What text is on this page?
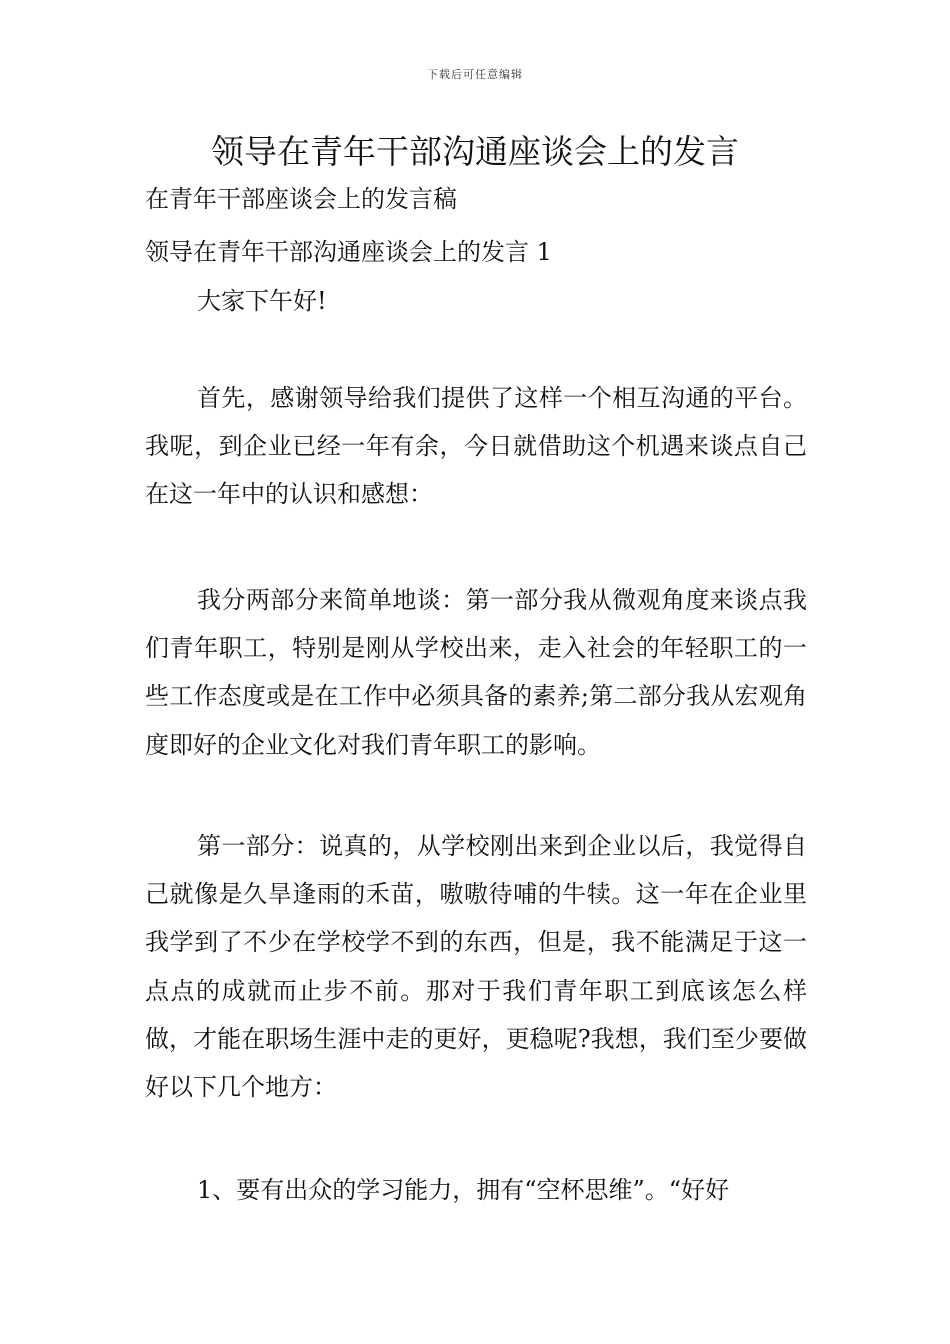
下载后可任意编辑
领导在青年干部沟通座谈会上的发言
在青年干部座谈会上的发言稿
领导在青年干部沟通座谈会上的发言 1
大家下午好!
首先，感谢领导给我们提供了这样一个相互沟通的平台。我呢，到企业已经一年有余，今日就借助这个机遇来谈点自己在这一年中的认识和感想：
我分两部分来简单地谈：第一部分我从微观角度来谈点我们青年职工，特别是刚从学校出来，走入社会的年轻职工的一些工作态度或是在工作中必须具备的素养;第二部分我从宏观角度即好的企业文化对我们青年职工的影响。
第一部分：说真的，从学校刚出来到企业以后，我觉得自己就像是久旱逢雨的禾苗，嗷嗷待哺的牛犊。这一年在企业里我学到了不少在学校学不到的东西，但是，我不能满足于这一点点的成就而止步不前。那对于我们青年职工到底该怎么样做，才能在职场生涯中走的更好，更稳呢?我想，我们至少要做好以下几个地方：
1、要有出众的学习能力，拥有“空杯思维”。“好好
